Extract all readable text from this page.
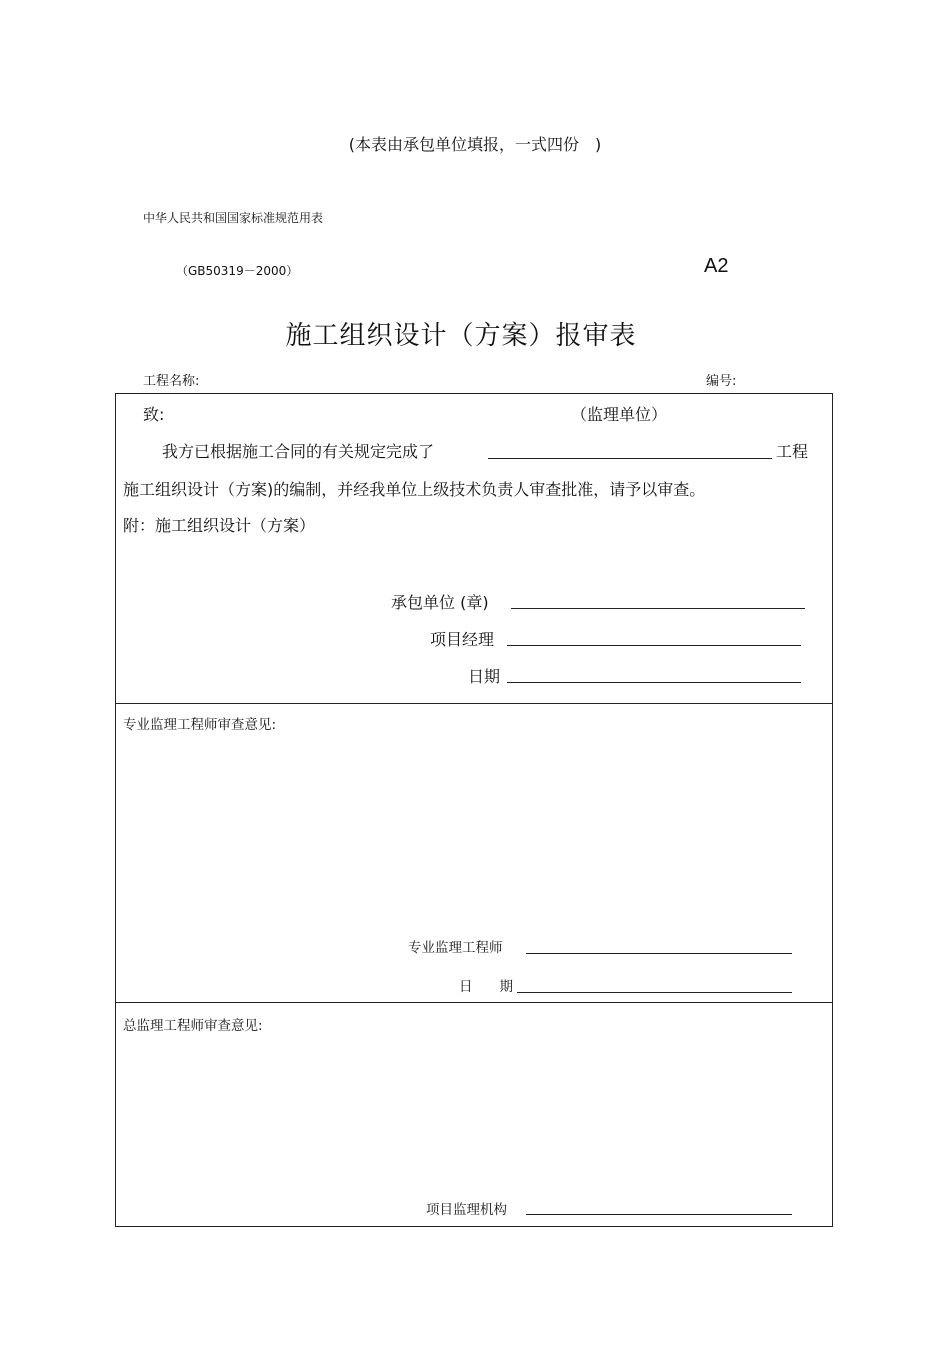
(本表由承包单位填报，一式四份　)
中华人民共和国国家标准规范用表
（GB50319－2000）	A2
施工组织设计（方案）报审表
工程名称:	编号:
致:	（监理单位）
我方已根据施工合同的有关规定完成了	工程
施工组织设计（方案)的编制，并经我单位上级技术负责人审查批准，请予以审查。
附：施工组织设计（方案）
承包单位 (章)
项目经理
日期
专业监理工程师审查意见:
专业监理工程师
日　　期
总监理工程师审查意见:
项目监理机构
